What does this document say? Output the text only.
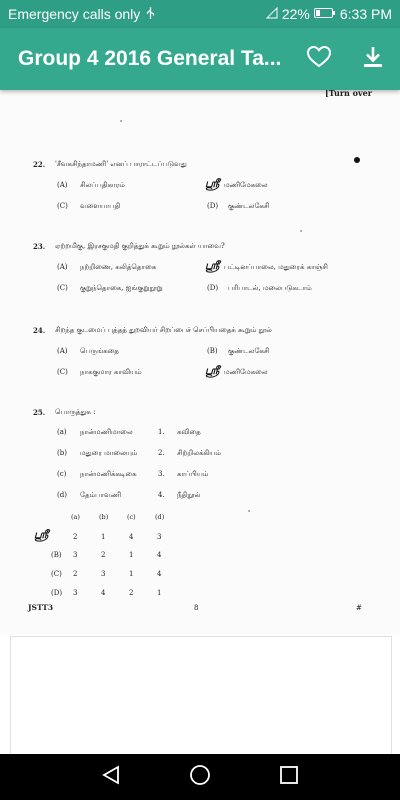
Emergency calls only	22% 6:33 PM
Group 4 2016 General Ta...
[Turn over
22. 'சீவகசிந்தாமணி' எனப் பாராட்டப்படுவது
(A) சிலப்பதிகாரம்	ஸ்ரீ மணிமேகலை
(C) வளையாபதி	(D) குண்டலகேசி
23. ஏற்றமிகு, இரசகுமதி குறித்துக் கூறும் நூல்கள் யாவை?
(A) நற்றிணை, கலித்தொகை	ஸ்ரீ பட்டினப்பாலை, மதுரைக் காஞ்சி
(C) குறுந்தொகை, ஐங்குறுநூறு	(D) பரிபாடல், மலைபடுகடாம்
24. சிறந்த குடமைப் புத்தத் துறவியர் சிறப்பைச் செப்பியதைக் கூறும் நூல்
(A) பெருங்கதை	(B) குண்டலகேசி
(C) நாககுமார காவியம்	ஸ்ரீ மணிமேகலை
25. பொருத்துக :
(a) நான்மணிமாலை	1. கவிதை
(b) மதுரை மாலையும்	2. சிற்றிலக்கியம்
(c) நான்மணிக்கடிகை	3. காப்பியம்
(d) தேம்பாவணி	4. நீதிநூல்
(a)	(b)	(c)	(d)
ஸ்ரீ	2	1	4	3
(B) 3	2	1	4
(C) 2	3	1	4
(D) 3	4	2	1
JSTT3	8	#
